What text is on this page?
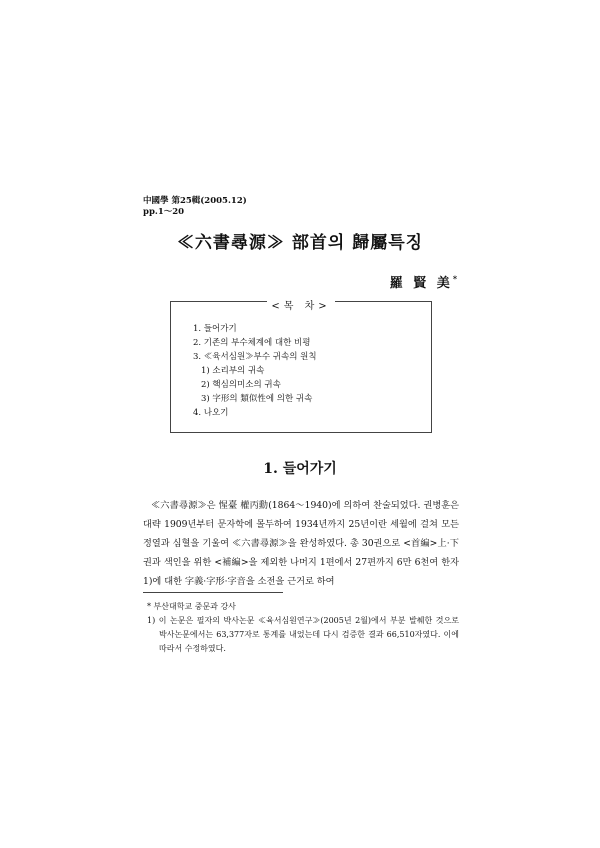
中國學 第25輯(2005.12)
pp.1～20
≪六書尋源≫ 部首의 歸屬특징
羅 賢 美*
<목 차>
1. 들어가기
2. 기존의 부수체계에 대한 비평
3. ≪육서심원≫부수 귀속의 원칙
1) 소리부의 귀속
2) 핵심의미소의 귀속
3) 字形의 類似性에 의한 귀속
4. 나오기
1. 들어가기

≪六書尋源≫은 惺臺 權丙勳(1864～1940)에 의하여 찬술되었다. 권병훈은 대략 1909년부터 문자학에 몰두하여 1934년까지 25년이란 세월에 걸쳐 모든 정열과 심혈을 기울여 ≪六書尋源≫을 완성하였다. 총 30권으로 <首編>上·下권과 색인을 위한 <補編>을 제외한 나머지 1편에서 27편까지 6만 6천여 한자1)에 대한 字義·字形·字音을 소전을 근거로 하여

* 부산대학교 중문과 강사
1) 이 논문은 필자의 박사논문 ≪육서심원연구≫(2005년 2월)에서 부분 발췌한 것으로 박사논문에서는 63,377자로 통계를 내었는데 다시 검증한 결과 66,510자였다. 이에 따라서 수정하였다.
